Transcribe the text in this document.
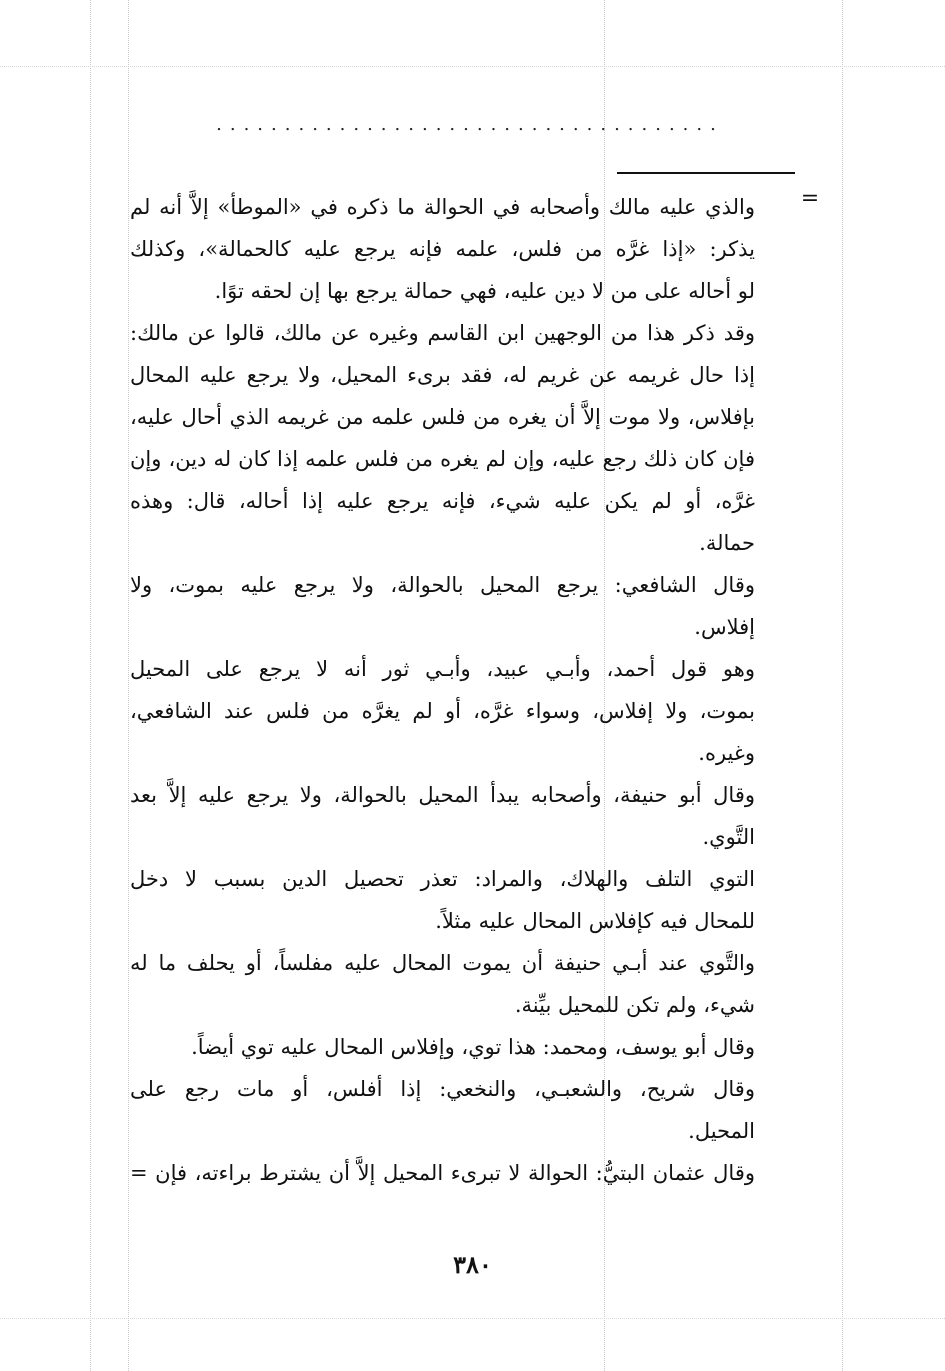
.....................................
=
والذي عليه مالك وأصحابه في الحوالة ما ذكره في «الموطأ» إلاَّ أنه لم
يذكر: «إذا غرَّه من فلس، علمه فإنه يرجع عليه كالحمالة»، وكذلك
لو أحاله على من لا دين عليه، فهي حمالة يرجع بها إن لحقه توًا.
وقد ذكر هذا من الوجهين ابن القاسم وغيره عن مالك، قالوا عن مالك:
إذا حال غريمه عن غريم له، فقد برىء المحيل، ولا يرجع عليه المحال
بإفلاس، ولا موت إلاَّ أن يغره من فلس علمه من غريمه الذي أحال عليه،
فإن كان ذلك رجع عليه، وإن لم يغره من فلس علمه إذا كان له دين، وإن
غرَّه، أو لم يكن عليه شيء، فإنه يرجع عليه إذا أحاله، قال: وهذه
حمالة.
وقال الشافعي: يرجع المحيل بالحوالة، ولا يرجع عليه بموت، ولا
إفلاس.
وهو قول أحمد، وأبـي عبيد، وأبـي ثور أنه لا يرجع على المحيل
بموت، ولا إفلاس، وسواء غرَّه، أو لم يغرَّه من فلس عند الشافعي،
وغيره.
وقال أبو حنيفة، وأصحابه يبدأ المحيل بالحوالة، ولا يرجع عليه إلاَّ بعد
التَّوي.
التوي التلف والهلاك، والمراد: تعذر تحصيل الدين بسبب لا دخل
للمحال فيه كإفلاس المحال عليه مثلاً.
والتَّوي عند أبـي حنيفة أن يموت المحال عليه مفلساً، أو يحلف ما له
شيء، ولم تكن للمحيل بيِّنة.
وقال أبو يوسف، ومحمد: هذا توي، وإفلاس المحال عليه توي أيضاً.
وقال شريح، والشعبـي، والنخعي: إذا أفلس، أو مات رجع على
المحيل.
وقال عثمان البتيُّ: الحوالة لا تبرىء المحيل إلاَّ أن يشترط براءته، فإن =
٣٨٠
